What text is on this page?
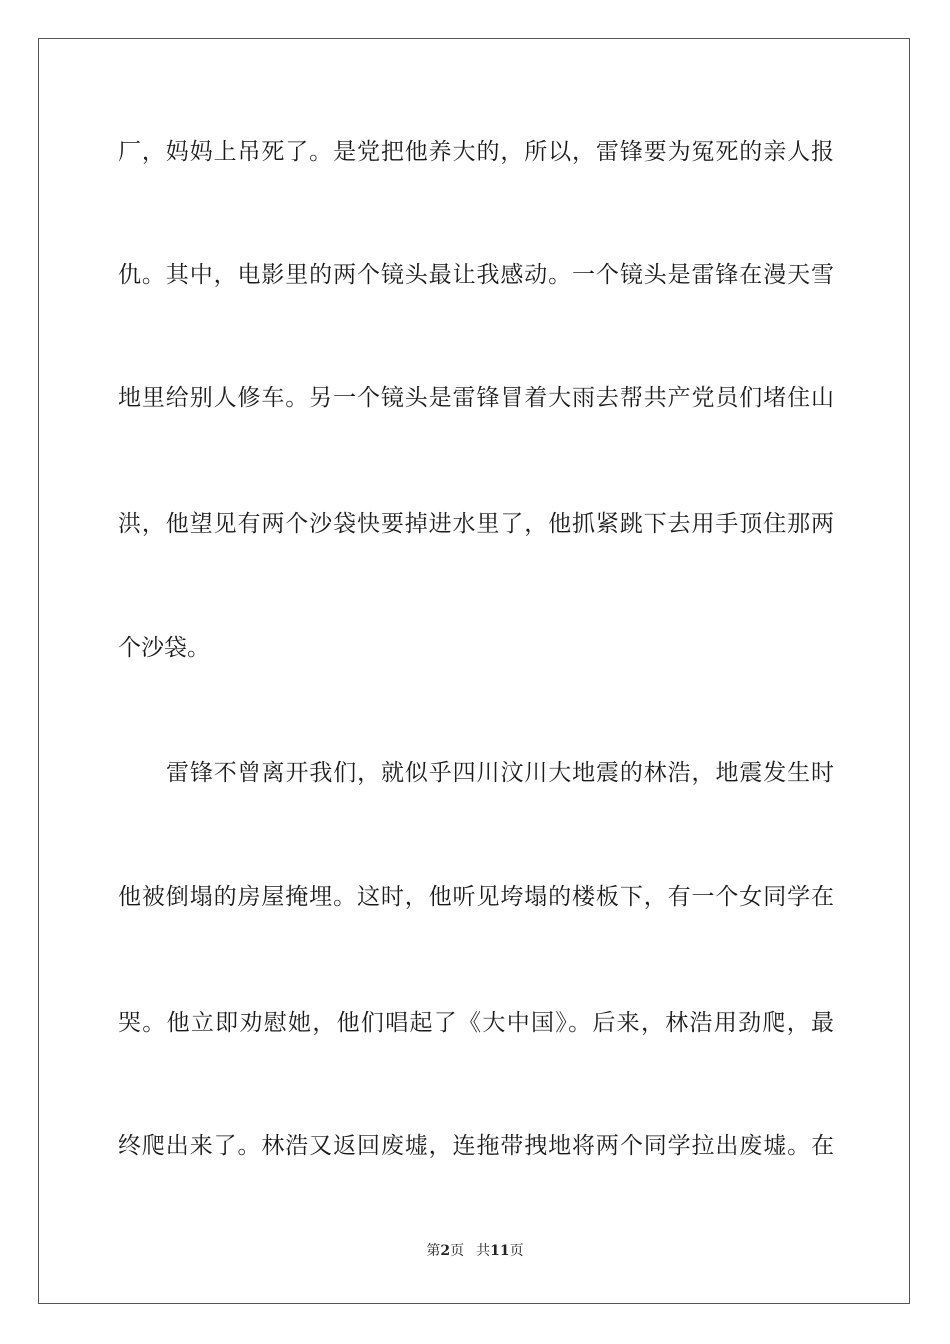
厂，妈妈上吊死了。是党把他养大的，所以，雷锋要为冤死的亲人报
仇。其中，电影里的两个镜头最让我感动。一个镜头是雷锋在漫天雪
地里给别人修车。另一个镜头是雷锋冒着大雨去帮共产党员们堵住山
洪，他望见有两个沙袋快要掉进水里了，他抓紧跳下去用手顶住那两
个沙袋。
雷锋不曾离开我们，就似乎四川汶川大地震的林浩，地震发生时
他被倒塌的房屋掩埋。这时，他听见垮塌的楼板下，有一个女同学在
哭。他立即劝慰她，他们唱起了《大中国》。后来，林浩用劲爬，最
终爬出来了。林浩又返回废墟，连拖带拽地将两个同学拉出废墟。在
第2页 共11页
